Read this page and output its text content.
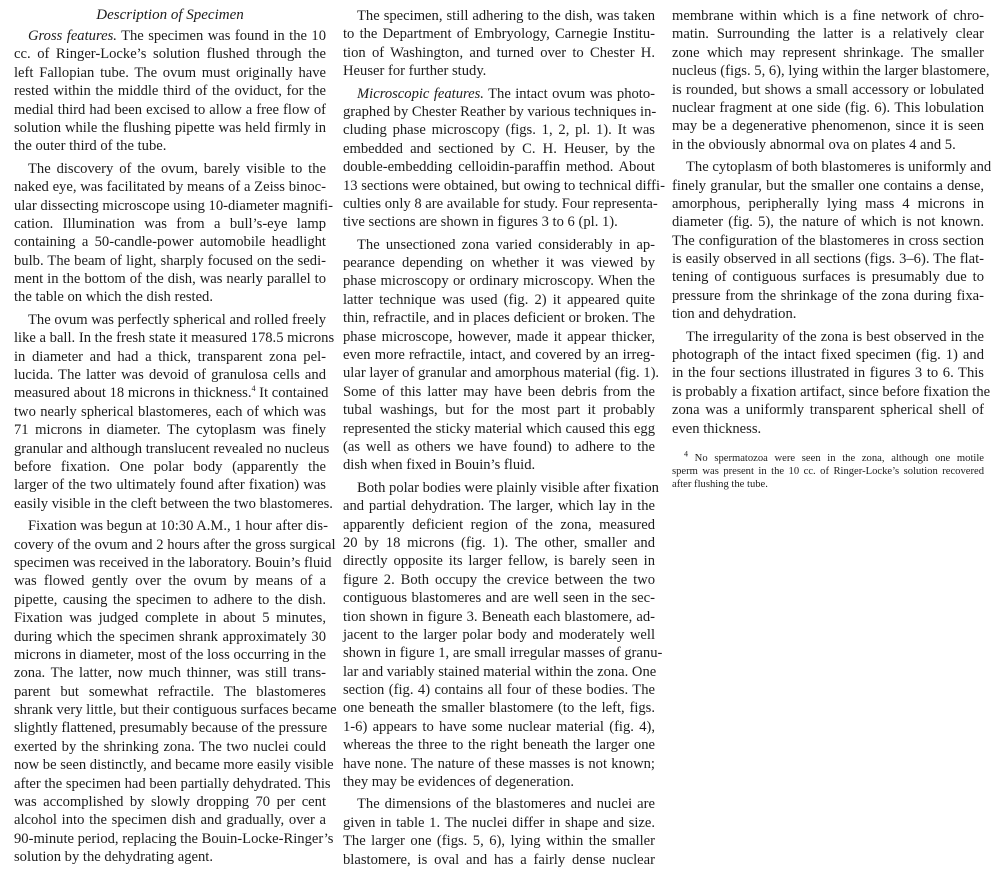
Description of Specimen
Gross features. The specimen was found in the 10
cc. of Ringer-Locke’s solution flushed through the
left Fallopian tube. The ovum must originally have
rested within the middle third of the oviduct, for the
medial third had been excised to allow a free flow of
solution while the flushing pipette was held firmly in
the outer third of the tube.
The discovery of the ovum, barely visible to the
naked eye, was facilitated by means of a Zeiss binoc-
ular dissecting microscope using 10-diameter magnifi-
cation. Illumination was from a bull’s-eye lamp
containing a 50-candle-power automobile headlight
bulb. The beam of light, sharply focused on the sedi-
ment in the bottom of the dish, was nearly parallel to
the table on which the dish rested.
The ovum was perfectly spherical and rolled freely
like a ball. In the fresh state it measured 178.5 microns
in diameter and had a thick, transparent zona pel-
lucida. The latter was devoid of granulosa cells and
measured about 18 microns in thickness.$^4$ It contained
two nearly spherical blastomeres, each of which was
71 microns in diameter. The cytoplasm was finely
granular and although translucent revealed no nucleus
before fixation. One polar body (apparently the
larger of the two ultimately found after fixation) was
easily visible in the cleft between the two blastomeres.
Fixation was begun at 10:30 A.M., 1 hour after dis-
covery of the ovum and 2 hours after the gross surgical
specimen was received in the laboratory. Bouin’s fluid
was flowed gently over the ovum by means of a
pipette, causing the specimen to adhere to the dish.
Fixation was judged complete in about 5 minutes,
during which the specimen shrank approximately 30
microns in diameter, most of the loss occurring in the
zona. The latter, now much thinner, was still trans-
parent but somewhat refractile. The blastomeres
shrank very little, but their contiguous surfaces became
slightly flattened, presumably because of the pressure
exerted by the shrinking zona. The two nuclei could
now be seen distinctly, and became more easily visible
after the specimen had been partially dehydrated. This
was accomplished by slowly dropping 70 per cent
alcohol into the specimen dish and gradually, over a
90-minute period, replacing the Bouin-Locke-Ringer’s
solution by the dehydrating agent.
The specimen, still adhering to the dish, was taken
to the Department of Embryology, Carnegie Institu-
tion of Washington, and turned over to Chester H.
Heuser for further study.
Microscopic features. The intact ovum was photo-
graphed by Chester Reather by various techniques in-
cluding phase microscopy (figs. 1, 2, pl. 1). It was
embedded and sectioned by C. H. Heuser, by the
double-embedding celloidin-paraffin method. About
13 sections were obtained, but owing to technical diffi-
culties only 8 are available for study. Four representa-
tive sections are shown in figures 3 to 6 (pl. 1).
The unsectioned zona varied considerably in ap-
pearance depending on whether it was viewed by
phase microscopy or ordinary microscopy. When the
latter technique was used (fig. 2) it appeared quite
thin, refractile, and in places deficient or broken. The
phase microscope, however, made it appear thicker,
even more refractile, intact, and covered by an irreg-
ular layer of granular and amorphous material (fig. 1).
Some of this latter may have been debris from the
tubal washings, but for the most part it probably
represented the sticky material which caused this egg
(as well as others we have found) to adhere to the
dish when fixed in Bouin’s fluid.
Both polar bodies were plainly visible after fixation
and partial dehydration. The larger, which lay in the
apparently deficient region of the zona, measured
20 by 18 microns (fig. 1). The other, smaller and
directly opposite its larger fellow, is barely seen in
figure 2. Both occupy the crevice between the two
contiguous blastomeres and are well seen in the sec-
tion shown in figure 3. Beneath each blastomere, ad-
jacent to the larger polar body and moderately well
shown in figure 1, are small irregular masses of granu-
lar and variably stained material within the zona. One
section (fig. 4) contains all four of these bodies. The
one beneath the smaller blastomere (to the left, figs.
1-6) appears to have some nuclear material (fig. 4),
whereas the three to the right beneath the larger one
have none. The nature of these masses is not known;
they may be evidences of degeneration.
The dimensions of the blastomeres and nuclei are
given in table 1. The nuclei differ in shape and size.
The larger one (figs. 5, 6), lying within the smaller
blastomere, is oval and has a fairly dense nuclear
membrane within which is a fine network of chro-
matin. Surrounding the latter is a relatively clear
zone which may represent shrinkage. The smaller
nucleus (figs. 5, 6), lying within the larger blastomere,
is rounded, but shows a small accessory or lobulated
nuclear fragment at one side (fig. 6). This lobulation
may be a degenerative phenomenon, since it is seen
in the obviously abnormal ova on plates 4 and 5.
The cytoplasm of both blastomeres is uniformly and
finely granular, but the smaller one contains a dense,
amorphous, peripherally lying mass 4 microns in
diameter (fig. 5), the nature of which is not known.
The configuration of the blastomeres in cross section
is easily observed in all sections (figs. 3–6). The flat-
tening of contiguous surfaces is presumably due to
pressure from the shrinkage of the zona during fixa-
tion and dehydration.
The irregularity of the zona is best observed in the
photograph of the intact fixed specimen (fig. 1) and
in the four sections illustrated in figures 3 to 6. This
is probably a fixation artifact, since before fixation the
zona was a uniformly transparent spherical shell of
even thickness.
$^4$ No spermatozoa were seen in the zona, although one motile
sperm was present in the 10 cc. of Ringer-Locke’s solution recovered
after flushing the tube.
